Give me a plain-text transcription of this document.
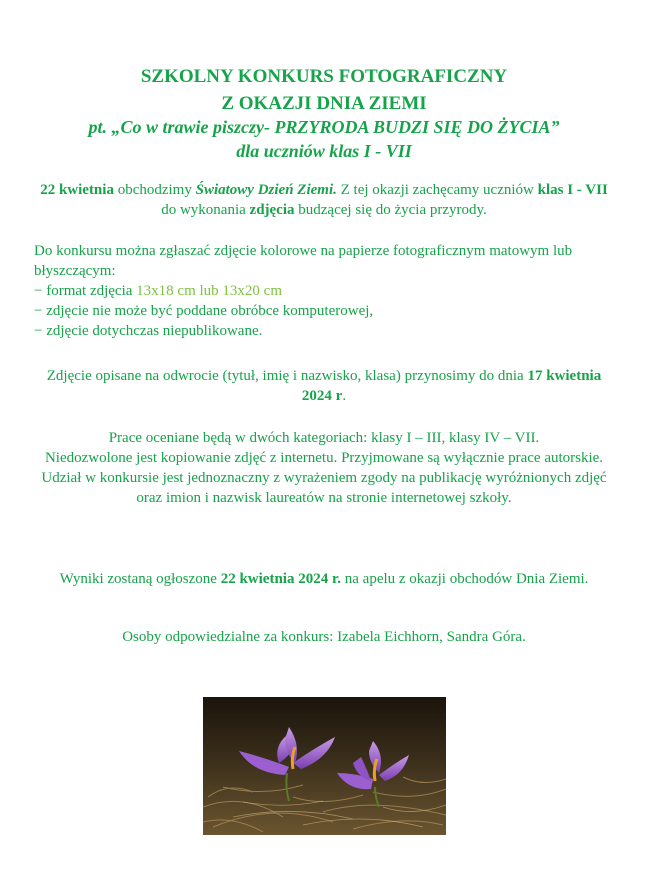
SZKOLNY KONKURS FOTOGRAFICZNY
Z OKAZJI DNIA ZIEMI
pt. „Co w trawie piszczy- PRZYRODA BUDZI SIĘ DO ŻYCIA”
dla uczniów klas I - VII

22 kwietnia obchodzimy Światowy Dzień Ziemi. Z tej okazji zachęcamy uczniów klas I - VII do wykonania zdjęcia budzącej się do życia przyrody.

Do konkursu można zgłaszać zdjęcie kolorowe na papierze fotograficznym matowym lub błyszczącym:

− format zdjęcia 13x18 cm lub 13x20 cm

− zdjęcie nie może być poddane obróbce komputerowej,

− zdjęcie dotychczas niepublikowane.

Zdjęcie opisane na odwrocie (tytuł, imię i nazwisko, klasa) przynosimy do dnia 17 kwietnia 2024 r.

Prace oceniane będą w dwóch kategoriach: klasy I – III, klasy IV – VII.

Niedozwolone jest kopiowanie zdjęć z internetu. Przyjmowane są wyłącznie prace autorskie.

Udział w konkursie jest jednoznaczny z wyrażeniem zgody na publikację wyróżnionych zdjęć oraz imion i nazwisk laureatów na stronie internetowej szkoły.

Wyniki zostaną ogłoszone 22 kwietnia 2024 r. na apelu z okazji obchodów Dnia Ziemi.

Osoby odpowiedzialne za konkurs: Izabela Eichhorn, Sandra Góra.
